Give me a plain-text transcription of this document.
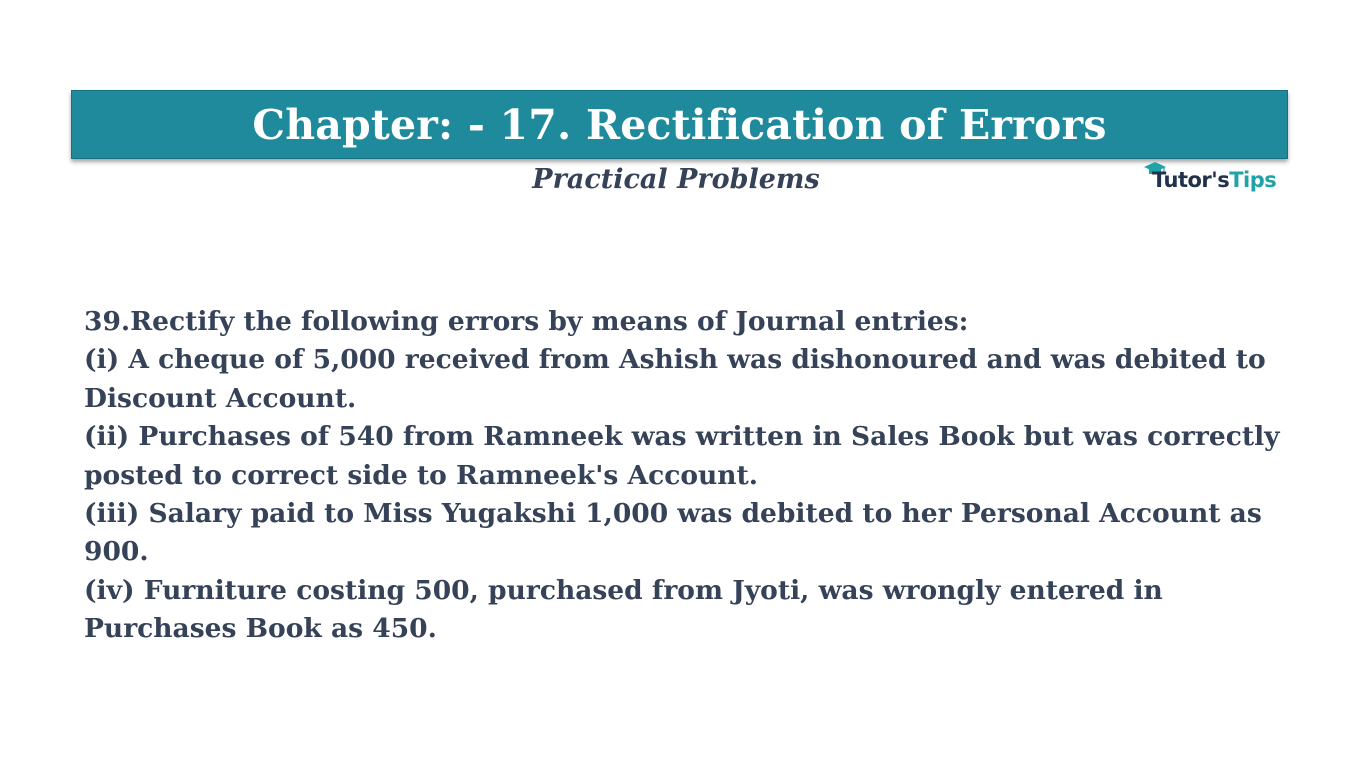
Chapter: - 17. Rectification of Errors
Practical Problems	Tutor'sTips

39.Rectify the following errors by means of Journal entries:

(i) A cheque of 5,000 received from Ashish was dishonoured and was debited to Discount Account.

(ii) Purchases of 540 from Ramneek was written in Sales Book but was correctly posted to correct side to Ramneek's Account.

(iii) Salary paid to Miss Yugakshi 1,000 was debited to her Personal Account as 900.

(iv) Furniture costing 500, purchased from Jyoti, was wrongly entered in Purchases Book as 450.
